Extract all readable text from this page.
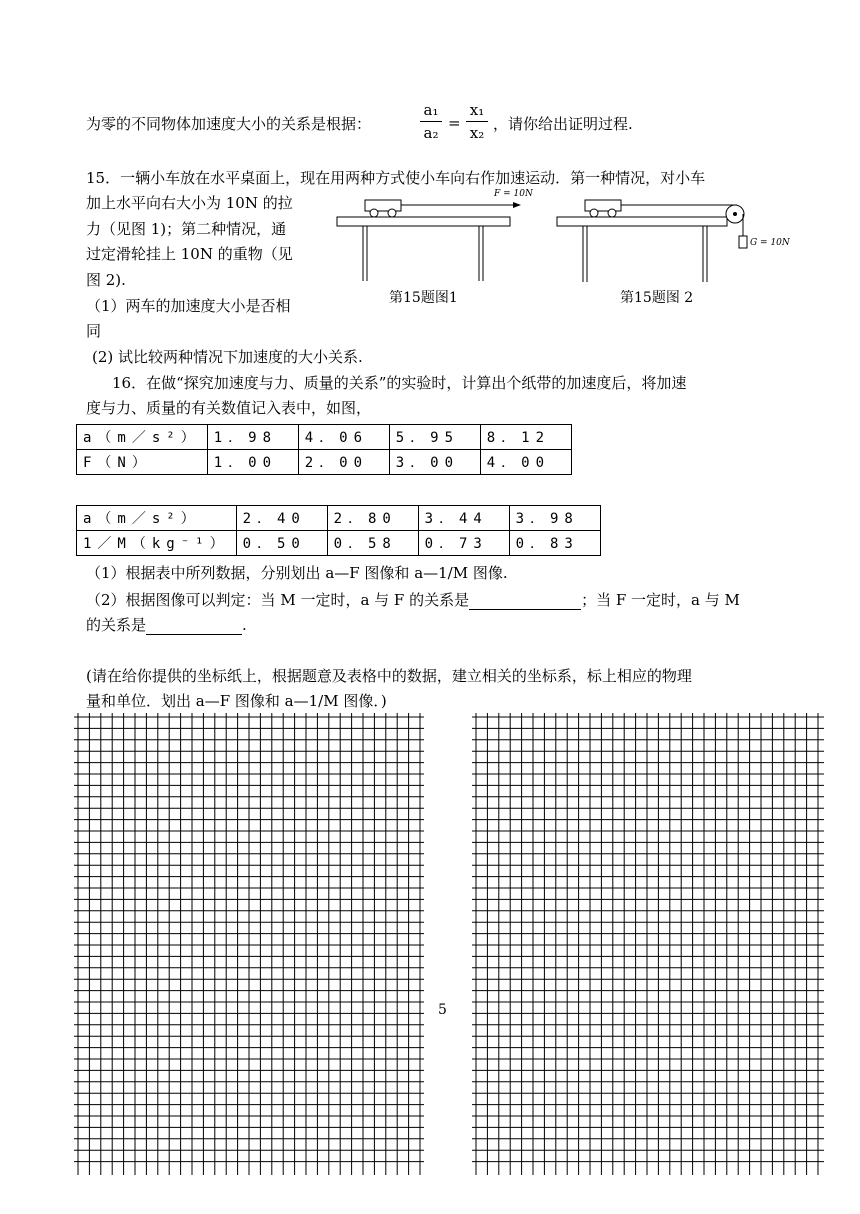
为零的不同物体加速度大小的关系是根据：
a₁
a₂
=
x₁
x₂ ，请你给出证明过程.
15．一辆小车放在水平桌面上，现在用两种方式使小车向右作加速运动．第一种情况，对小车
加上水平向右大小为 10N 的拉
力（见图 1)；第二种情况，通
过定滑轮挂上 10N 的重物（见
图 2).
（1）两车的加速度大小是否相
同
(2) 试比较两种情况下加速度的大小关系.
F = 10N
第15题图1
G = 10N
第15题图 2
16．在做“探究加速度与力、质量的关系”的实验时，计算出个纸带的加速度后，将加速
度与力、质量的有关数值记入表中，如图，
a（m／s²）	1．98	4．06	5．95	8．12
F（N）	1．00	2．00	3．00	4．00
a（m／s²）	2．40	2．80	3．44	3．98
1／M（kg⁻¹）	0．50	0．58	0．73	0．83
（1）根据表中所列数据，分别划出 a—F 图像和 a—1/M 图像.
（2）根据图像可以判定：当 M 一定时，a 与 F 的关系是	；当 F 一定时，a 与 M
的关系是	.
(请在给你提供的坐标纸上，根据题意及表格中的数据，建立相关的坐标系，标上相应的物理
量和单位．划出 a—F 图像和 a—1/M 图像．)
5
